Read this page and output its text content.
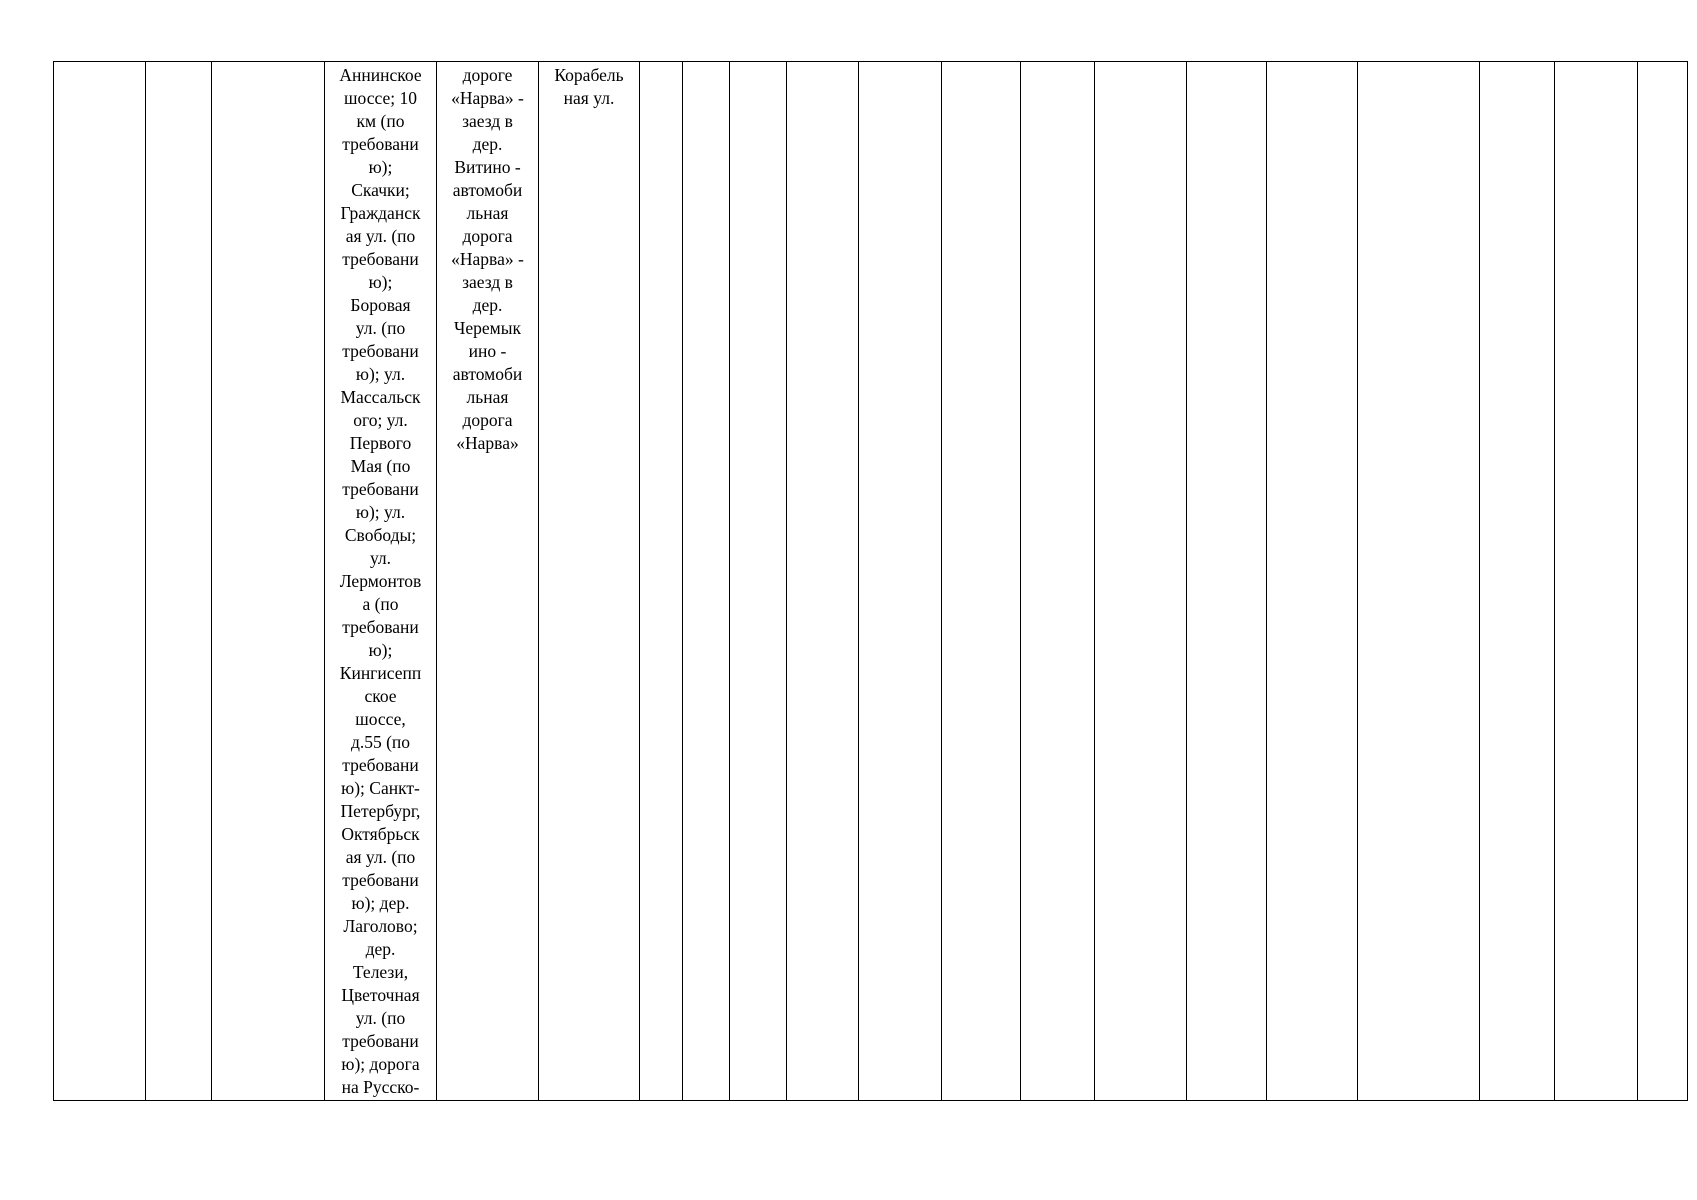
			Аннинское
шоссе; 10
км (по
требовани
ю);
Скачки;
Гражданск
ая ул. (по
требовани
ю);
Боровая
ул. (по
требовани
ю); ул.
Массальск
ого; ул.
Первого
Мая (по
требовани
ю); ул.
Свободы;
ул.
Лермонтов
а (по
требовани
ю);
Кингисепп
ское
шоссе,
д.55 (по
требовани
ю); Санкт-
Петербург,
Октябрьск
ая ул. (по
требовани
ю); дер.
Лаголово;
дер.
Телези,
Цветочная
ул. (по
требовани
ю); дорога
на Русско-	дороге
«Нарва» -
заезд в
дер.
Витино -
автомоби
льная
дорога
«Нарва» -
заезд в
дер.
Черемык
ино -
автомоби
льная
дорога
«Нарва»	Корабель
ная ул.														
